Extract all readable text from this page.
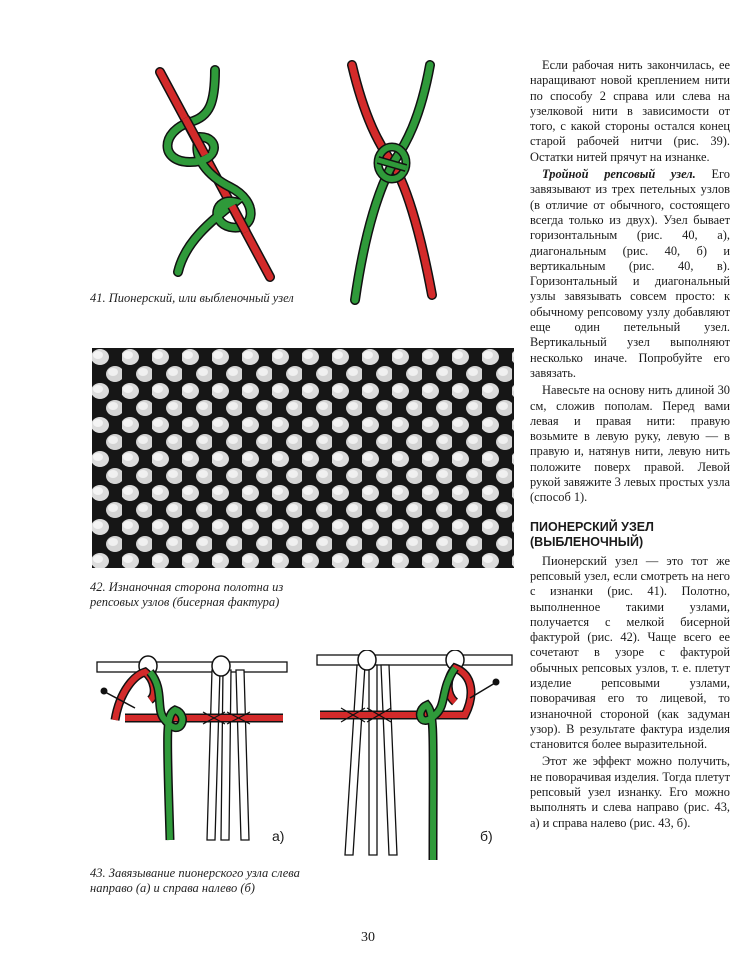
41. Пионерский, или выбленочный узел
42. Изнаночная сторона полотна из репсовых узлов (бисерная фактура)
а)	б)
43. Завязывание пионерского узла слева направо (а) и справа налево (б)

Если рабочая нить закончилась, ее наращивают новой креплением нити по способу 2 справа или слева на узелковой нити в зависимости от того, с какой стороны остался конец старой рабочей нитчи (рис. 39). Остатки нитей прячут на изнанке.

Тройной репсовый узел. Его завязывают из трех петельных узлов (в отличие от обычного, состоящего всегда только из двух). Узел бывает горизонтальным (рис. 40, а), диагональным (рис. 40, б) и вертикальным (рис. 40, в). Горизонтальный и диагональный узлы завязывать совсем просто: к обычному репсовому узлу добавляют еще один петельный узел. Вертикальный узел выполняют несколько иначе. Попробуйте его завязать.

Навесьте на основу нить длиной 30 см, сложив пополам. Перед вами левая и правая нити: правую возьмите в левую руку, левую — в правую и, натянув нити, левую нить положите поверх правой. Левой рукой завяжите 3 левых простых узла (способ 1).

ПИОНЕРСКИЙ УЗЕЛ (ВЫБЛЕНОЧНЫЙ)

Пионерский узел — это тот же репсовый узел, если смотреть на него с изнанки (рис. 41). Полотно, выполненное такими узлами, получается с мелкой бисерной фактурой (рис. 42). Чаще всего ее сочетают в узоре с фактурой обычных репсовых узлов, т. е. плетут изделие репсовыми узлами, поворачивая его то лицевой, то изнаночной стороной (как задуман узор). В результате фактура изделия становится более выразительной.

Этот же эффект можно получить, не поворачивая изделия. Тогда плетут репсовый узел изнанку. Его можно выполнять и слева направо (рис. 43, а) и справа налево (рис. 43, б).

30
